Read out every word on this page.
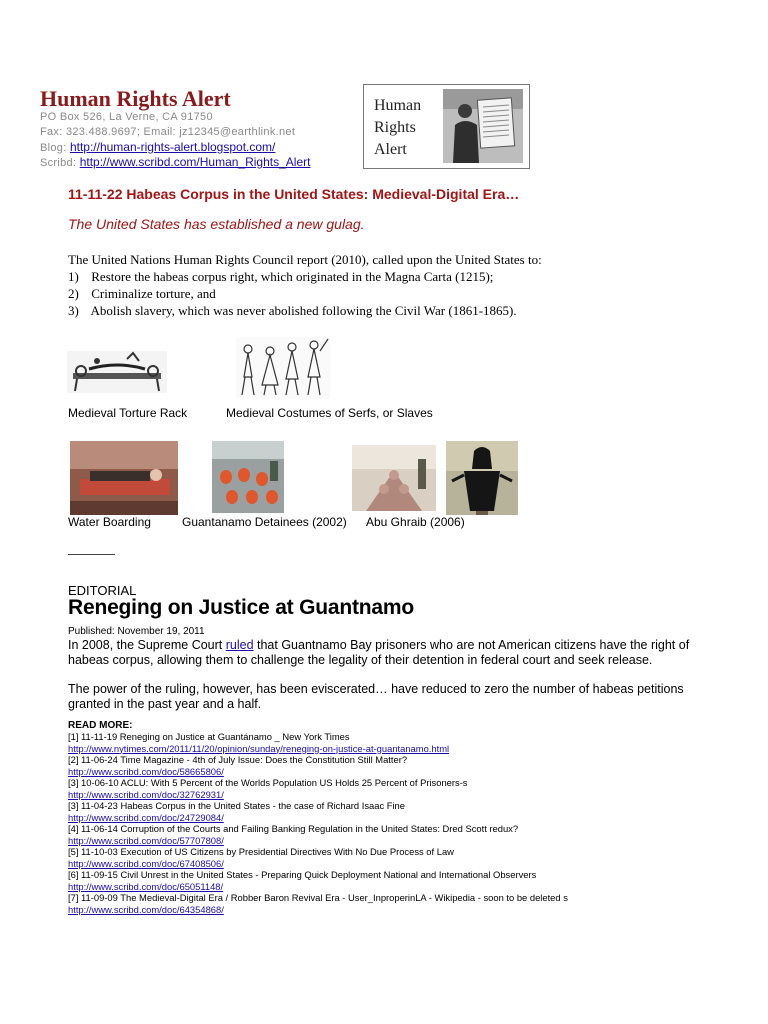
Human Rights Alert
PO Box 526, La Verne, CA 91750
Fax: 323.488.9697; Email: jz12345@earthlink.net
Blog: http://human-rights-alert.blogspot.com/
Scribd: http://www.scribd.com/Human_Rights_Alert
Human
Rights
Alert
11-11-22 Habeas Corpus in the United States: Medieval-Digital Era…
The United States has established a new gulag.
The United Nations Human Rights Council report (2010), called upon the United States to:
1) Restore the habeas corpus right, which originated in the Magna Carta (1215);
2) Criminalize torture, and
3) Abolish slavery, which was never abolished following the Civil War (1861-1865).
Medieval Torture Rack	Medieval Costumes of Serfs, or Slaves
Water Boarding	Guantanamo Detainees (2002) Abu Ghraib (2006)
EDITORIAL
Reneging on Justice at Guantnamo
Published: November 19, 2011
In 2008, the Supreme Court ruled that Guantnamo Bay prisoners who are not American citizens have the right of habeas corpus, allowing them to challenge the legality of their detention in federal court and seek release.
The power of the ruling, however, has been eviscerated… have reduced to zero the number of habeas petitions granted in the past year and a half.
READ MORE:
[1] 11-11-19 Reneging on Justice at Guantánamo _ New York Times
http://www.nytimes.com/2011/11/20/opinion/sunday/reneging-on-justice-at-guantanamo.html
[2] 11-06-24 Time Magazine - 4th of July Issue: Does the Constitution Still Matter?
http://www.scribd.com/doc/58665806/
[3] 10-06-10 ACLU: With 5 Percent of the Worlds Population US Holds 25 Percent of Prisoners-s
http://www.scribd.com/doc/32762931/
[3] 11-04-23 Habeas Corpus in the United States - the case of Richard Isaac Fine
http://www.scribd.com/doc/24729084/
[4] 11-06-14 Corruption of the Courts and Failing Banking Regulation in the United States: Dred Scott redux?
http://www.scribd.com/doc/57707808/
[5] 11-10-03 Execution of US Citizens by Presidential Directives With No Due Process of Law
http://www.scribd.com/doc/67408506/
[6] 11-09-15 Civil Unrest in the United States - Preparing Quick Deployment National and International Observers
http://www.scribd.com/doc/65051148/
[7] 11-09-09 The Medieval-Digital Era / Robber Baron Revival Era - User_InproperinLA - Wikipedia - soon to be deleted s
http://www.scribd.com/doc/64354868/
